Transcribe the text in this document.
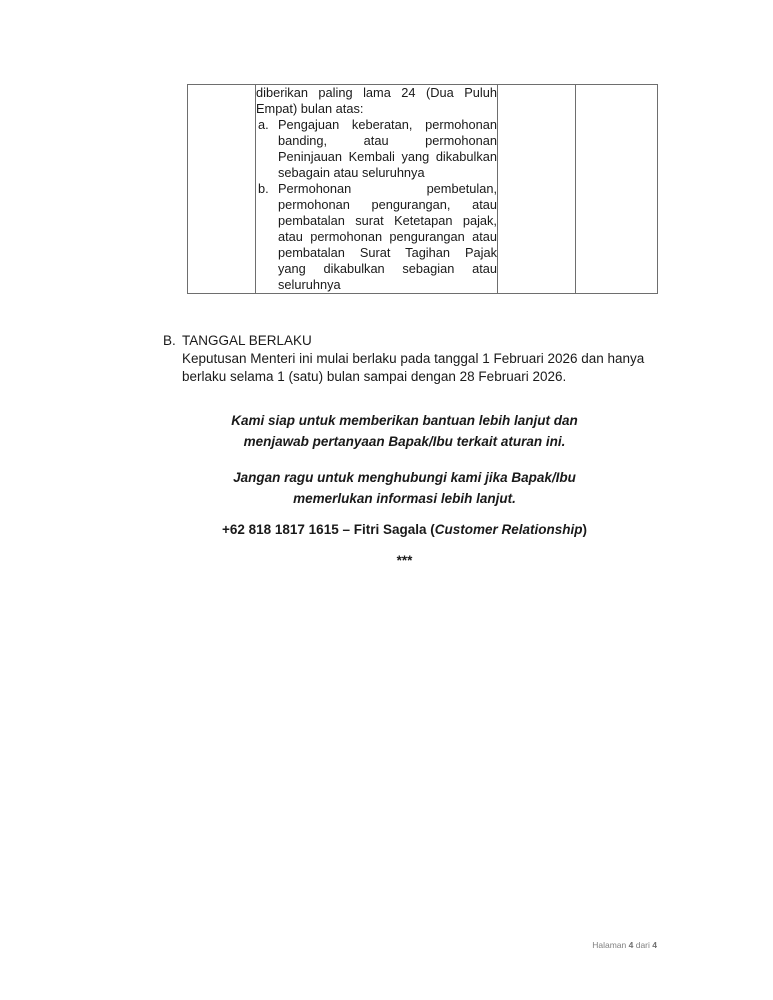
diberikan paling lama 24 (Dua Puluh
Empat) bulan atas:
a. Pengajuan keberatan, permohonan
banding, atau permohonan
Peninjauan Kembali yang dikabulkan
sebagain atau seluruhnya
b. Permohonan pembetulan,
permohonan pengurangan, atau
pembatalan surat Ketetapan pajak,
atau permohonan pengurangan atau
pembatalan Surat Tagihan Pajak
yang dikabulkan sebagian atau
seluruhnya

B. TANGGAL BERLAKU
Keputusan Menteri ini mulai berlaku pada tanggal 1 Februari 2026 dan hanya
berlaku selama 1 (satu) bulan sampai dengan 28 Februari 2026.
Kami siap untuk memberikan bantuan lebih lanjut dan
menjawab pertanyaan Bapak/Ibu terkait aturan ini.
Jangan ragu untuk menghubungi kami jika Bapak/Ibu
memerlukan informasi lebih lanjut.
+62 818 1817 1615 – Fitri Sagala (Customer Relationship)
***
Halaman 4 dari 4
